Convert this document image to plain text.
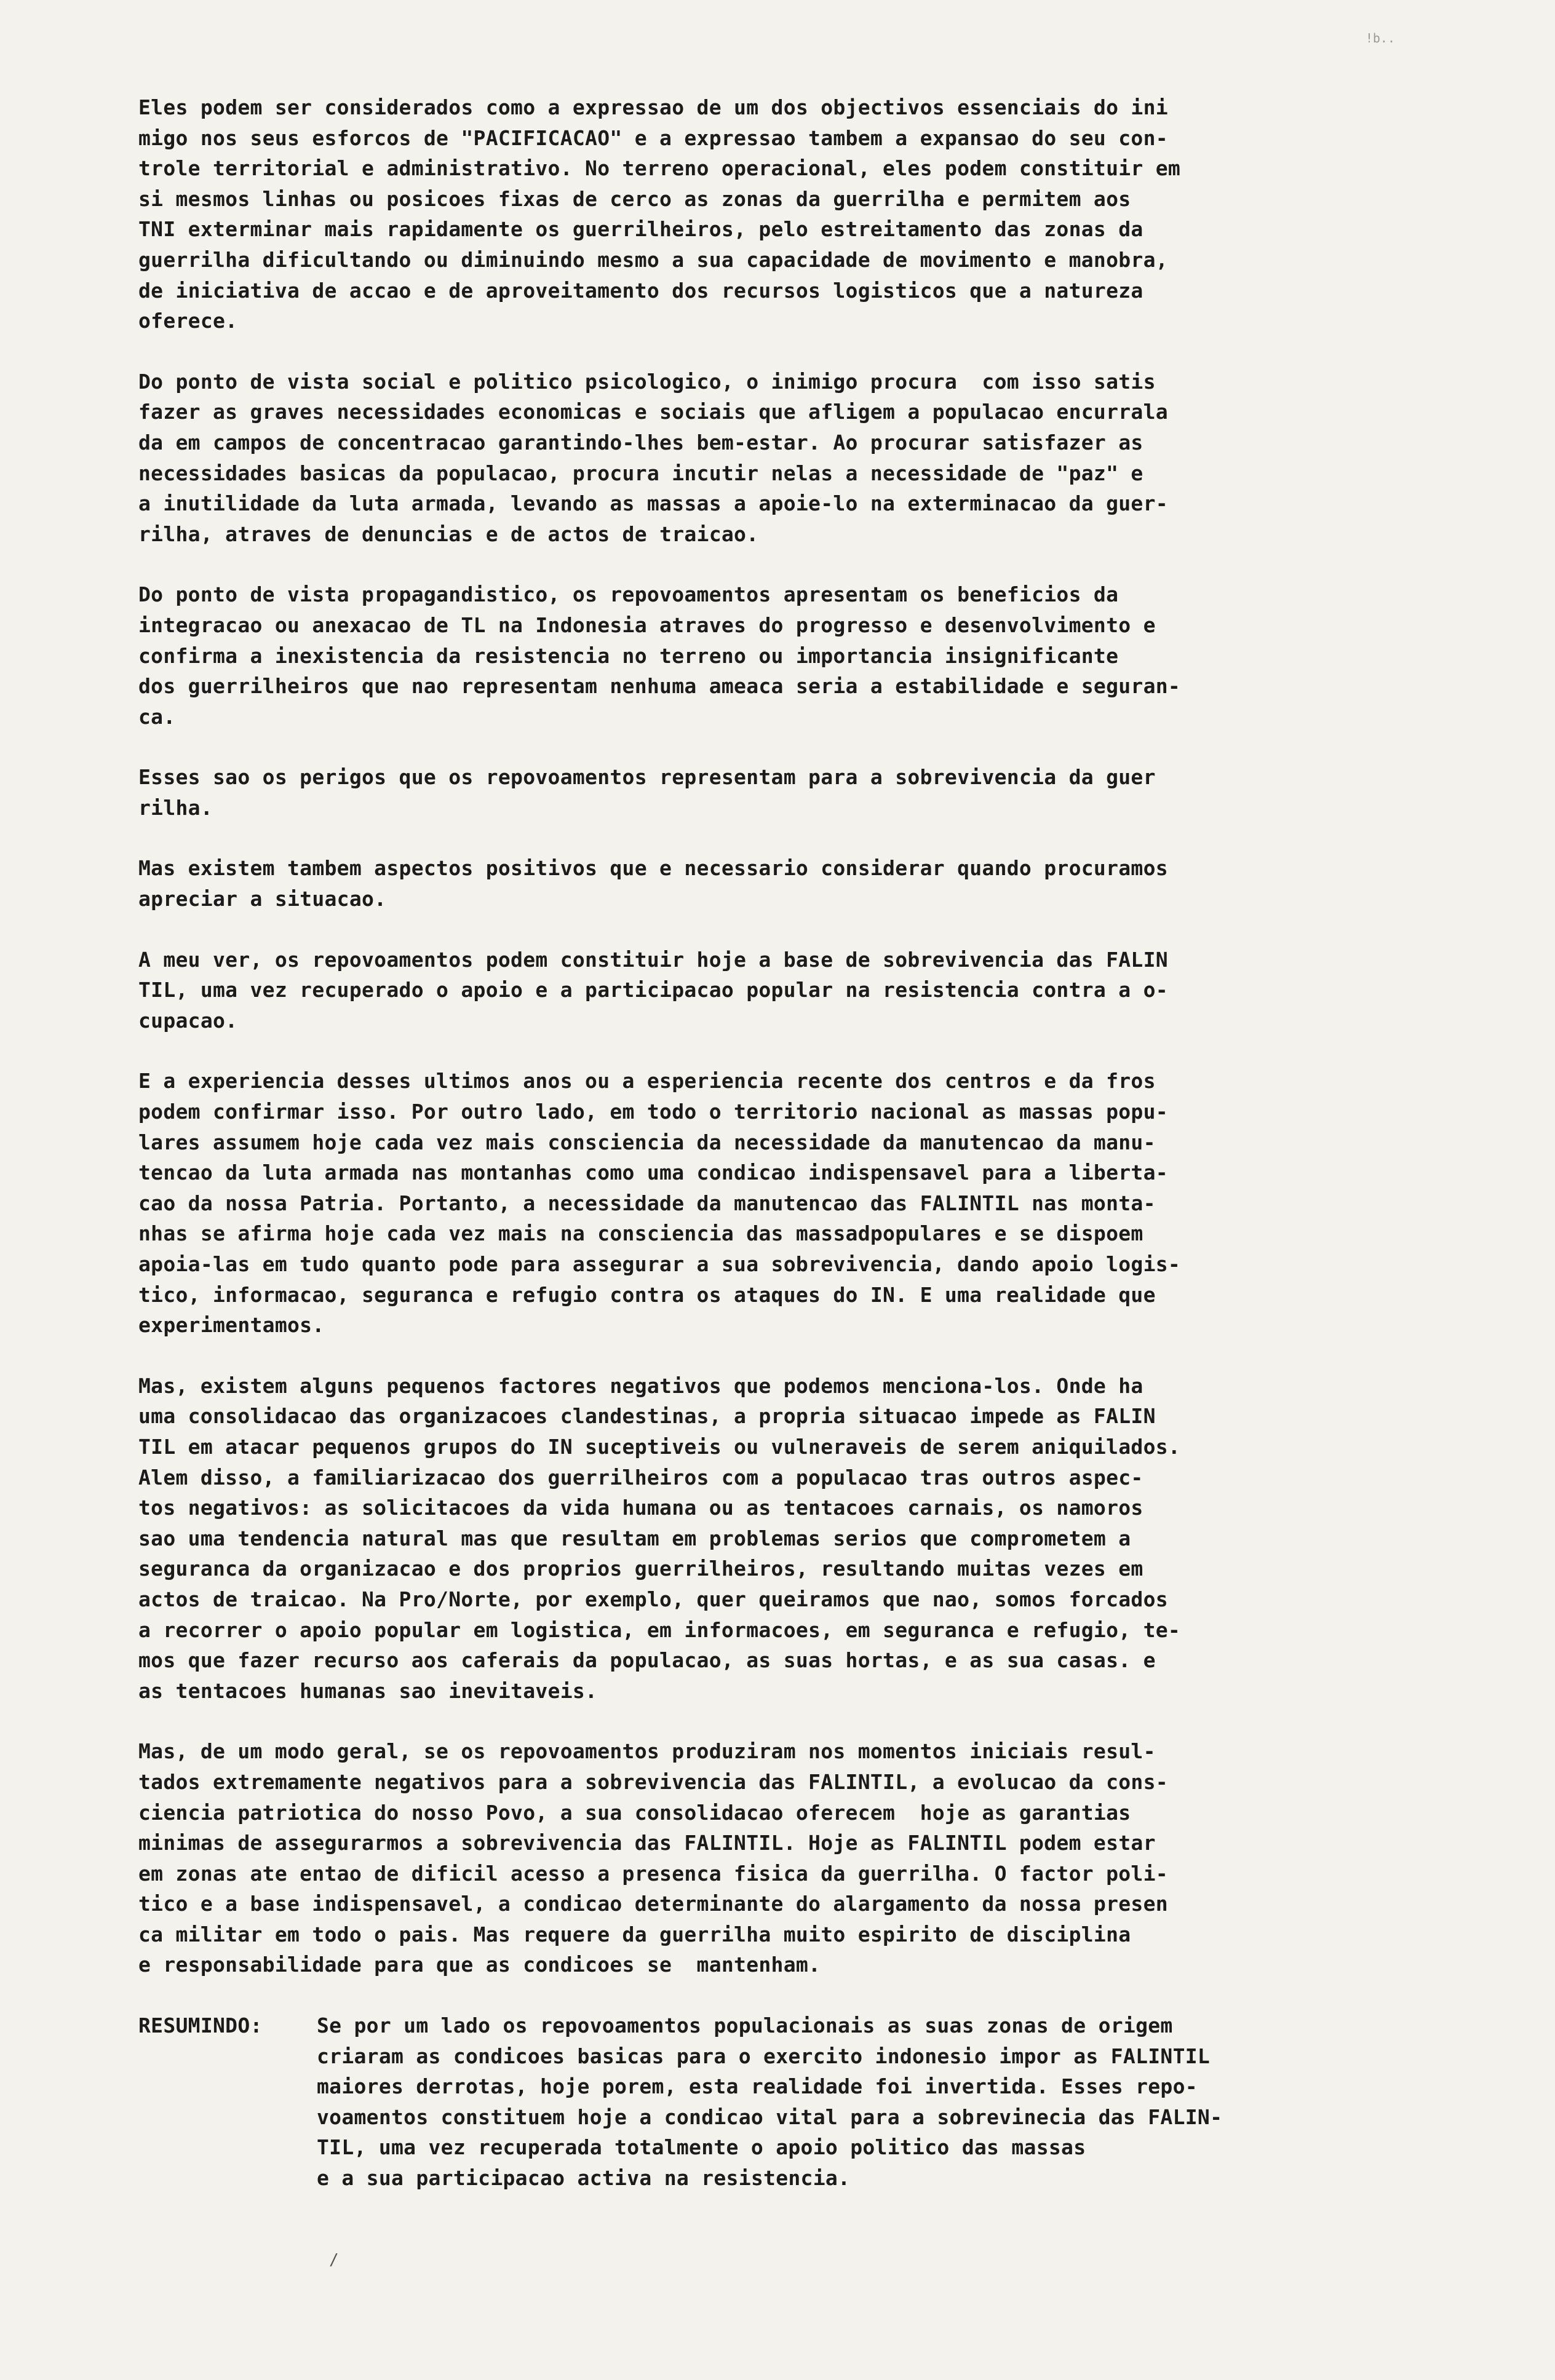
!b..

Eles podem ser considerados como a expressao de um dos objectivos essenciais do ini
migo nos seus esforcos de "PACIFICACAO" e a expressao tambem a expansao do seu con-
trole territorial e administrativo. No terreno operacional, eles podem constituir em
si mesmos linhas ou posicoes fixas de cerco as zonas da guerrilha e permitem aos
TNI exterminar mais rapidamente os guerrilheiros, pelo estreitamento das zonas da
guerrilha dificultando ou diminuindo mesmo a sua capacidade de movimento e manobra,
de iniciativa de accao e de aproveitamento dos recursos logisticos que a natureza
oferece.

Do ponto de vista social e politico psicologico, o inimigo procura  com isso satis
fazer as graves necessidades economicas e sociais que afligem a populacao encurrala
da em campos de concentracao garantindo-lhes bem-estar. Ao procurar satisfazer as
necessidades basicas da populacao, procura incutir nelas a necessidade de "paz" e
a inutilidade da luta armada, levando as massas a apoie-lo na exterminacao da guer-
rilha, atraves de denuncias e de actos de traicao.

Do ponto de vista propagandistico, os repovoamentos apresentam os beneficios da
integracao ou anexacao de TL na Indonesia atraves do progresso e desenvolvimento e
confirma a inexistencia da resistencia no terreno ou importancia insignificante
dos guerrilheiros que nao representam nenhuma ameaca seria a estabilidade e seguran-
ca.

Esses sao os perigos que os repovoamentos representam para a sobrevivencia da guer
rilha.

Mas existem tambem aspectos positivos que e necessario considerar quando procuramos
apreciar a situacao.

A meu ver, os repovoamentos podem constituir hoje a base de sobrevivencia das FALIN
TIL, uma vez recuperado o apoio e a participacao popular na resistencia contra a o-
cupacao.

E a experiencia desses ultimos anos ou a esperiencia recente dos centros e da fros
podem confirmar isso. Por outro lado, em todo o territorio nacional as massas popu-
lares assumem hoje cada vez mais consciencia da necessidade da manutencao da manu-
tencao da luta armada nas montanhas como uma condicao indispensavel para a liberta-
cao da nossa Patria. Portanto, a necessidade da manutencao das FALINTIL nas monta-
nhas se afirma hoje cada vez mais na consciencia das massadpopulares e se dispoem
apoia-las em tudo quanto pode para assegurar a sua sobrevivencia, dando apoio logis-
tico, informacao, seguranca e refugio contra os ataques do IN. E uma realidade que
experimentamos.

Mas, existem alguns pequenos factores negativos que podemos menciona-los. Onde ha
uma consolidacao das organizacoes clandestinas, a propria situacao impede as FALIN
TIL em atacar pequenos grupos do IN suceptiveis ou vulneraveis de serem aniquilados.
Alem disso, a familiarizacao dos guerrilheiros com a populacao tras outros aspec-
tos negativos: as solicitacoes da vida humana ou as tentacoes carnais, os namoros
sao uma tendencia natural mas que resultam em problemas serios que comprometem a
seguranca da organizacao e dos proprios guerrilheiros, resultando muitas vezes em
actos de traicao. Na Pro/Norte, por exemplo, quer queiramos que nao, somos forcados
a recorrer o apoio popular em logistica, em informacoes, em seguranca e refugio, te-
mos que fazer recurso aos caferais da populacao, as suas hortas, e as sua casas. e
as tentacoes humanas sao inevitaveis.

Mas, de um modo geral, se os repovoamentos produziram nos momentos iniciais resul-
tados extremamente negativos para a sobrevivencia das FALINTIL, a evolucao da cons-
ciencia patriotica do nosso Povo, a sua consolidacao oferecem  hoje as garantias
minimas de assegurarmos a sobrevivencia das FALINTIL. Hoje as FALINTIL podem estar
em zonas ate entao de dificil acesso a presenca fisica da guerrilha. O factor poli-
tico e a base indispensavel, a condicao determinante do alargamento da nossa presen
ca militar em todo o pais. Mas requere da guerrilha muito espirito de disciplina
e responsabilidade para que as condicoes se  mantenham.

RESUMINDO:	Se por um lado os repovoamentos populacionais as suas zonas de origem
criaram as condicoes basicas para o exercito indonesio impor as FALINTIL
maiores derrotas, hoje porem, esta realidade foi invertida. Esses repo-
voamentos constituem hoje a condicao vital para a sobrevinecia das FALIN-
TIL, uma vez recuperada totalmente o apoio politico das massas
e a sua participacao activa na resistencia.
/
